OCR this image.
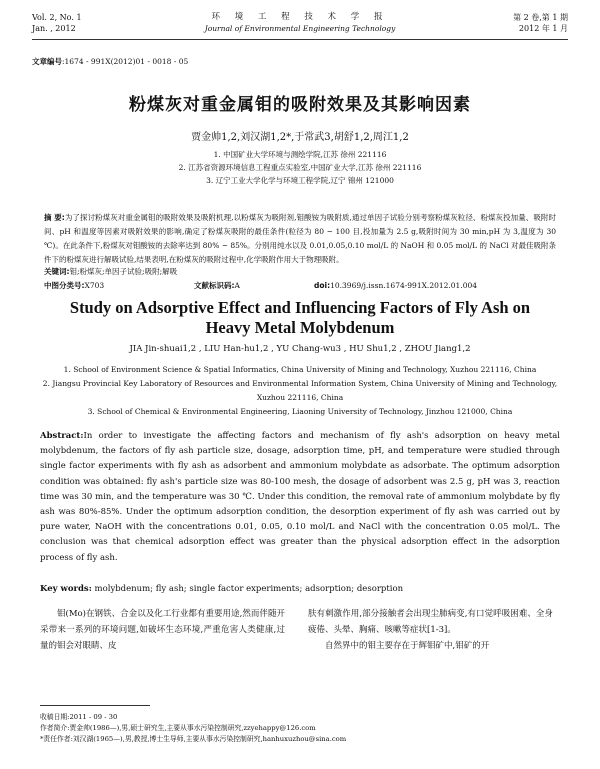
Vol. 2, No. 1
Jan. , 2012
环 境 工 程 技 术 学 报
Journal of Environmental Engineering Technology
第 2 卷,第 1 期
2012 年 1 月
文章编号:1674 - 991X(2012)01 - 0018 - 05
粉煤灰对重金属钼的吸附效果及其影响因素
贾金帅1,2,刘汉湖1,2*,于常武3,胡舒1,2,周江1,2
1. 中国矿业大学环境与测绘学院,江苏 徐州 221116
2. 江苏省资源环境信息工程重点实验室,中国矿业大学,江苏 徐州 221116
3. 辽宁工业大学化学与环境工程学院,辽宁 锦州 121000
摘 要:为了探讨粉煤灰对重金属钼的吸附效果及吸附机理,以粉煤灰为吸附剂,钼酸铵为吸附质,通过单因子试验分别考察粉煤灰粒径、粉煤灰投加量、吸附时间、pH 和温度等因素对吸附效果的影响,确定了粉煤灰吸附的最佳条件(粒径为 80 ~ 100 目,投加量为 2.5 g,吸附时间为 30 min,pH 为 3,温度为 30 ℃)。在此条件下,粉煤灰对钼酸铵的去除率达到 80% ~ 85%。分别用纯水以及 0.01,0.05,0.10 mol/L 的 NaOH 和 0.05 mol/L 的 NaCl 对最佳吸附条件下的粉煤灰进行解吸试验,结果表明,在粉煤灰的吸附过程中,化学吸附作用大于物理吸附。
关键词:钼;粉煤灰;单因子试验;吸附;解吸
中图分类号:X703	文献标识码:A	doi:10.3969/j.issn.1674-991X.2012.01.004
Study on Adsorptive Effect and Influencing Factors of Fly Ash on
Heavy Metal Molybdenum
JIA Jin-shuai1,2 , LIU Han-hu1,2 , YU Chang-wu3 , HU Shu1,2 , ZHOU Jiang1,2
1. School of Environment Science & Spatial Informatics, China University of Mining and Technology, Xuzhou 221116, China
2. Jiangsu Provincial Key Laboratory of Resources and Environmental Information System, China University of Mining and Technology, Xuzhou 221116, China
3. School of Chemical & Environmental Engineering, Liaoning University of Technology, Jinzhou 121000, China
Abstract:In order to investigate the affecting factors and mechanism of fly ash's adsorption on heavy metal molybdenum, the factors of fly ash particle size, dosage, adsorption time, pH, and temperature were studied through single factor experiments with fly ash as adsorbent and ammonium molybdate as adsorbate. The optimum adsorption condition was obtained: fly ash's particle size was 80-100 mesh, the dosage of adsorbent was 2.5 g, pH was 3, reaction time was 30 min, and the temperature was 30 ℃. Under this condition, the removal rate of ammonium molybdate by fly ash was 80%-85%. Under the optimum adsorption condition, the desorption experiment of fly ash was carried out by pure water, NaOH with the concentrations 0.01, 0.05, 0.10 mol/L and NaCl with the concentration 0.05 mol/L. The conclusion was that chemical adsorption effect was greater than the physical adsorption effect in the adsorption process of fly ash.
Key words: molybdenum; fly ash; single factor experiments; adsorption; desorption
钼(Mo)在钢铁、合金以及化工行业都有重要用途,然而伴随开采带来一系列的环境问题,如破坏生态环境,严重危害人类健康,过量的钼会对眼睛、皮
肤有刺激作用,部分接触者会出现尘肺病变,有口觉呼吸困难、全身疲倦、头晕、胸痛、咳嗽等症状[1-3]。
自然界中的钼主要存在于辉钼矿中,钼矿的开
收稿日期:2011 - 09 - 30
作者简介:贾金帅(1986—),男,硕士研究生,主要从事水污染控制研究,zzyehappy@126.com
*责任作者:刘汉湖(1965—),男,教授,博士生导师,主要从事水污染控制研究,hanhuxuzhou@sina.com
